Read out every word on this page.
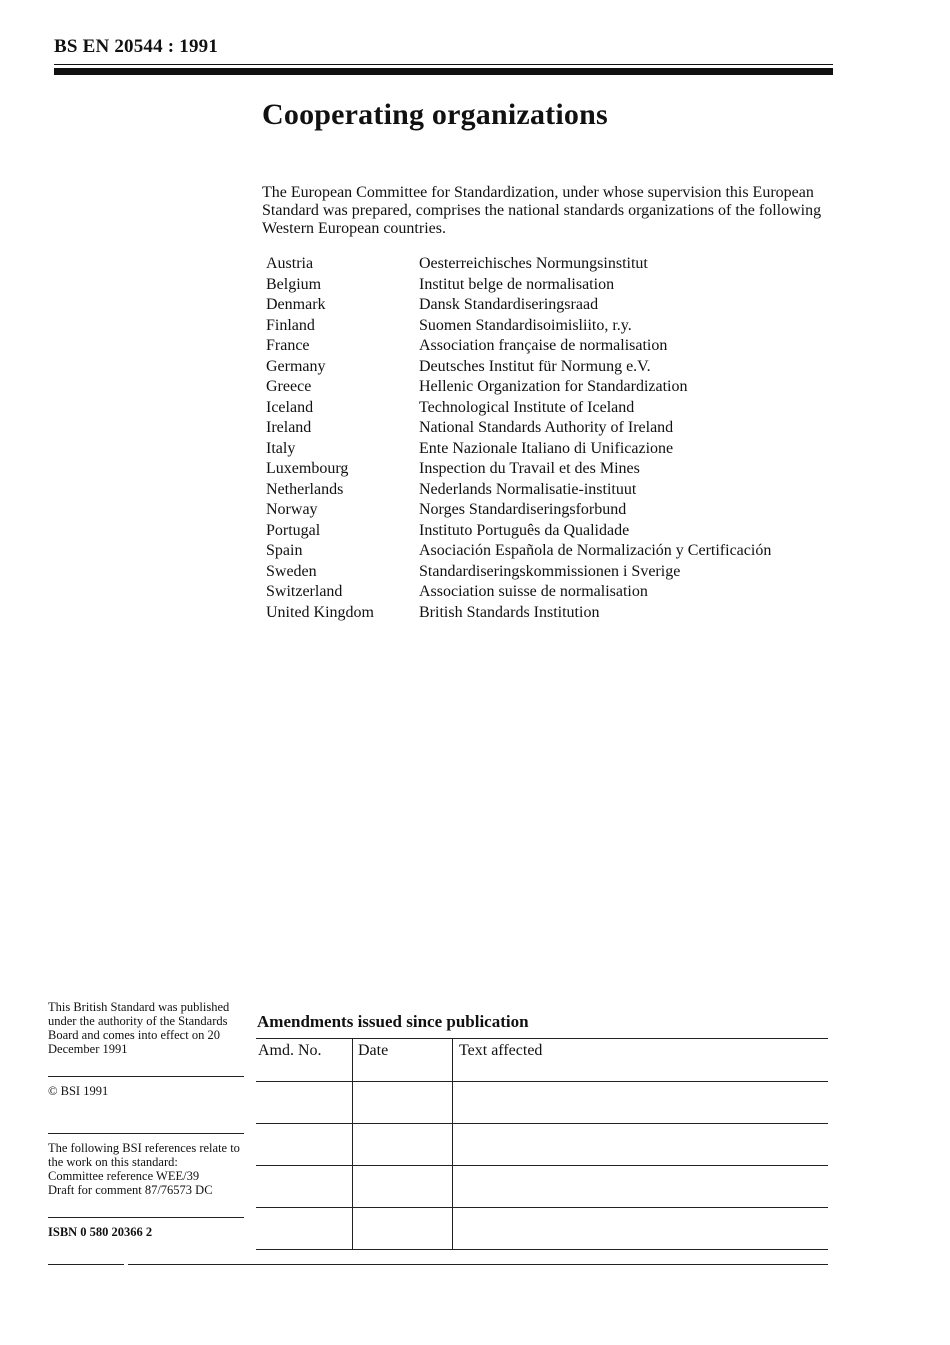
BS EN 20544 : 1991
Cooperating organizations
The European Committee for Standardization, under whose supervision this European Standard was prepared, comprises the national standards organizations of the following Western European countries.
Austria	Oesterreichisches Normungsinstitut
Belgium	Institut belge de normalisation
Denmark	Dansk Standardiseringsraad
Finland	Suomen Standardisoimisliito, r.y.
France	Association française de normalisation
Germany	Deutsches Institut für Normung e.V.
Greece	Hellenic Organization for Standardization
Iceland	Technological Institute of Iceland
Ireland	National Standards Authority of Ireland
Italy	Ente Nazionale Italiano di Unificazione
Luxembourg	Inspection du Travail et des Mines
Netherlands	Nederlands Normalisatie-instituut
Norway	Norges Standardiseringsforbund
Portugal	Instituto Português da Qualidade
Spain	Asociación Española de Normalización y Certificación
Sweden	Standardiseringskommissionen i Sverige
Switzerland	Association suisse de normalisation
United Kingdom	British Standards Institution
This British Standard was published under the authority of the Standards Board and comes into effect on 20 December 1991
© BSI 1991
The following BSI references relate to the work on this standard:
Committee reference WEE/39
Draft for comment 87/76573 DC
ISBN 0 580 20366 2
Amendments issued since publication
Amd. No.	Date	Text affected
